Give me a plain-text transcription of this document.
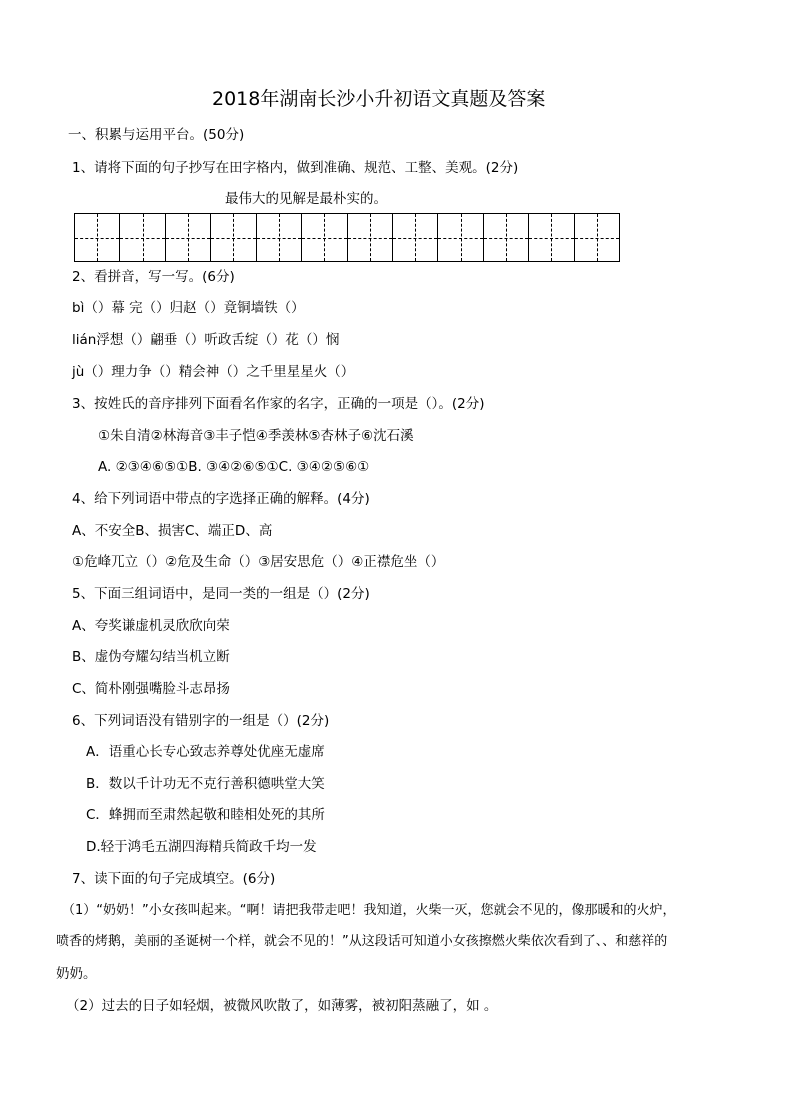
2018年湖南长沙小升初语文真题及答案
一、积累与运用平台。(50分)
1、请将下面的句子抄写在田字格内，做到准确、规范、工整、美观。(2分)
最伟大的见解是最朴实的。
2、看拼音，写一写。(6分)
bì（）幕 完（）归赵（）竟铜墙铁（）
lián浮想（）翩垂（）听政舌绽（）花（）悯
jù（）理力争（）精会神（）之千里星星火（）
3、按姓氏的音序排列下面看名作家的名字，正确的一项是（）。(2分)
①朱自清②林海音③丰子恺④季羡林⑤杏林子⑥沈石溪
A. ②③④⑥⑤①B. ③④②⑥⑤①C. ③④②⑤⑥①
4、给下列词语中带点的字选择正确的解释。(4分)
A、不安全B、损害C、端正D、高
①危峰兀立（）②危及生命（）③居安思危（）④正襟危坐（）
5、下面三组词语中，是同一类的一组是（）(2分)
A、夸奖谦虚机灵欣欣向荣
B、虚伪夸耀勾结当机立断
C、简朴刚强嘴脸斗志昂扬
6、下列词语没有错别字的一组是（）(2分)
A．语重心长专心致志养尊处优座无虚席
B．数以千计功无不克行善积德哄堂大笑
C．蜂拥而至肃然起敬和睦相处死的其所
D.轻于鸿毛五湖四海精兵简政千均一发
7、读下面的句子完成填空。(6分)
（1）“奶奶！”小女孩叫起来。“啊！请把我带走吧！我知道，火柴一灭，您就会不见的，像那暖和的火炉，
喷香的烤鹅，美丽的圣诞树一个样，就会不见的！”从这段话可知道小女孩擦燃火柴依次看到了、、和慈祥的
奶奶。
（2）过去的日子如轻烟，被微风吹散了，如薄雾，被初阳蒸融了，如 。
